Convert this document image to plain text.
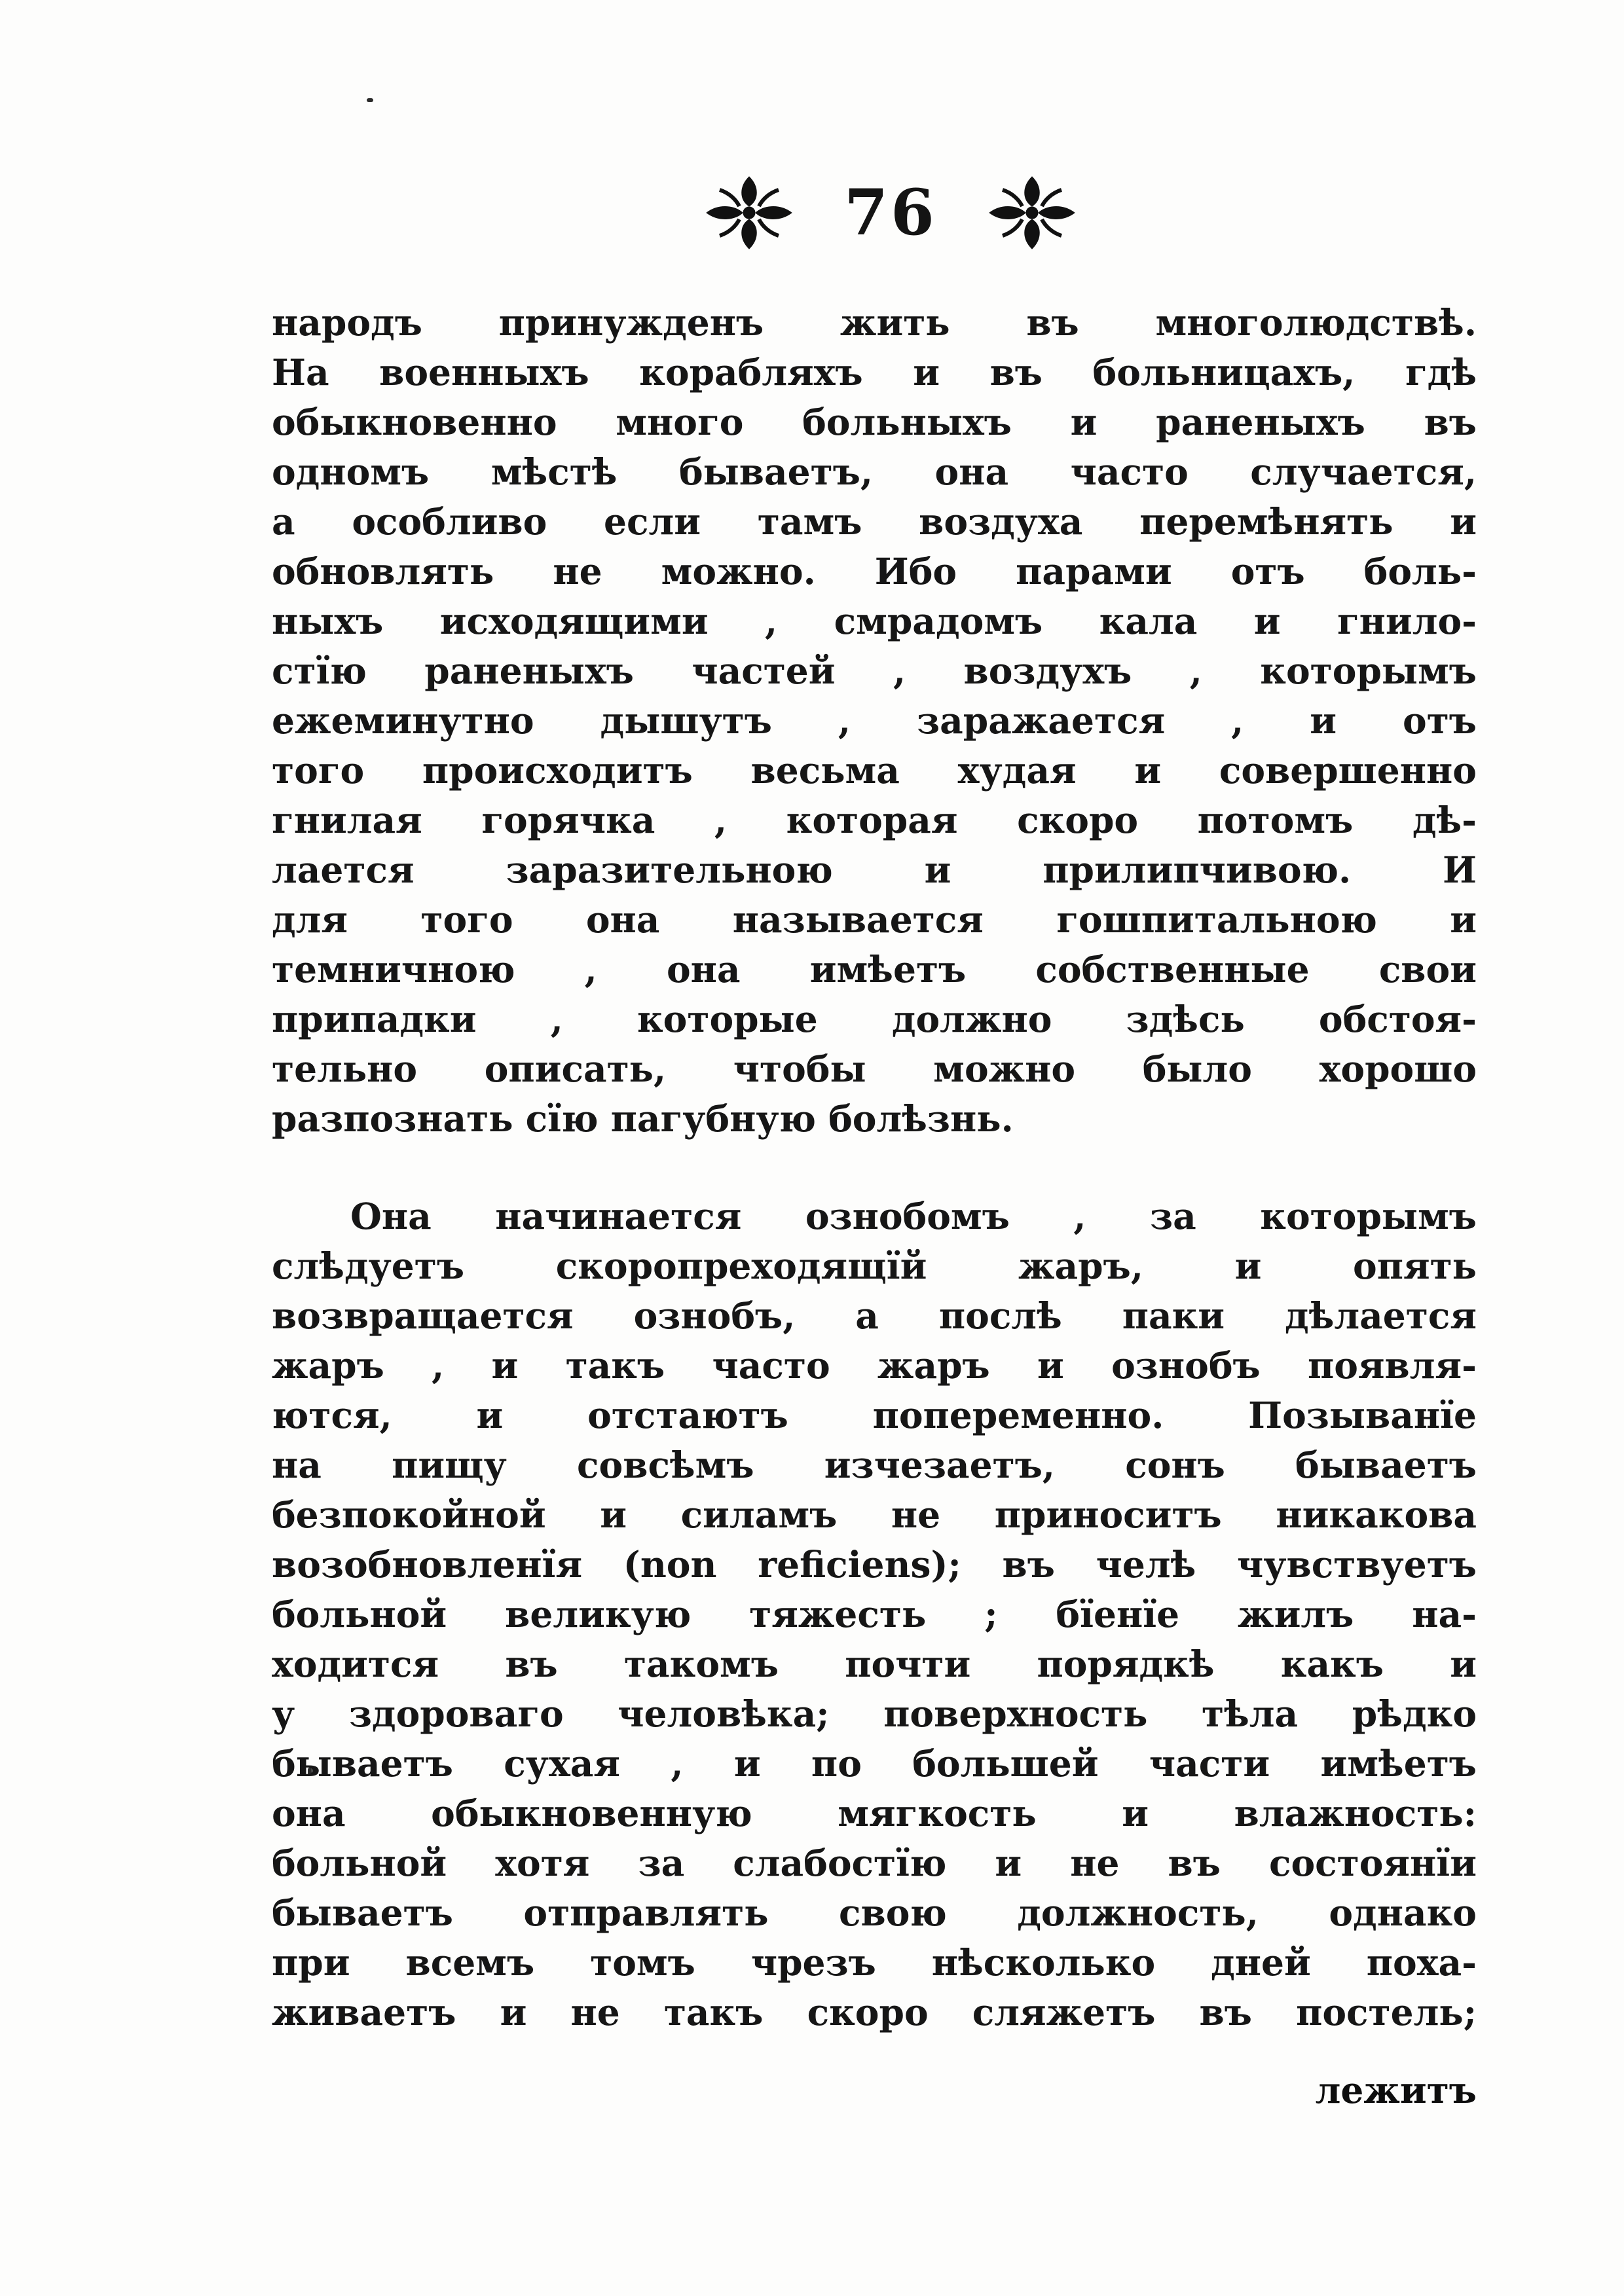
76
народъ принужденъ жить въ многолюдствѣ.
На военныхъ корабляхъ и въ больницахъ, гдѣ
обыкновенно много больныхъ и раненыхъ въ
одномъ мѣстѣ бываетъ, она часто случается,
а особливо если тамъ воздуха перемѣнять и
обновлять не можно. Ибо парами отъ боль-
ныхъ исходящими , смрадомъ кала и гнило-
стїю раненыхъ частей , воздухъ , которымъ
ежеминутно дышутъ , заражается , и отъ
того происходитъ весьма худая и совершенно
гнилая горячка , которая скоро потомъ дѣ-
лается заразительною и прилипчивою. И
для того она называется гошпитальною и
темничною , она имѣетъ собственные свои
припадки , которые должно здѣсь обстоя-
тельно описать, чтобы можно было хорошо
разпознать сїю пагубную болѣзнь.
Она начинается ознобомъ , за которымъ
слѣдуетъ скоропреходящїй жаръ, и опять
возвращается ознобъ, а послѣ паки дѣлается
жаръ , и такъ часто жаръ и ознобъ появля-
ются, и отстаютъ попеременно. Позыванїе
на пищу совсѣмъ изчезаетъ, сонъ бываетъ
безпокойной и силамъ не приноситъ никакова
возобновленїя (non reficiens); въ челѣ чувствуетъ
больной великую тяжесть ; бїенїе жилъ на-
ходится въ такомъ почти порядкѣ какъ и
у здороваго человѣка; поверхность тѣла рѣдко
бываетъ сухая , и по большей части имѣетъ
она обыкновенную мягкость и влажность:
больной хотя за слабостїю и не въ состоянїи
бываетъ отправлять свою должность, однако
при всемъ томъ чрезъ нѣсколько дней поха-
живаетъ и не такъ скоро сляжетъ въ постель;
лежитъ
